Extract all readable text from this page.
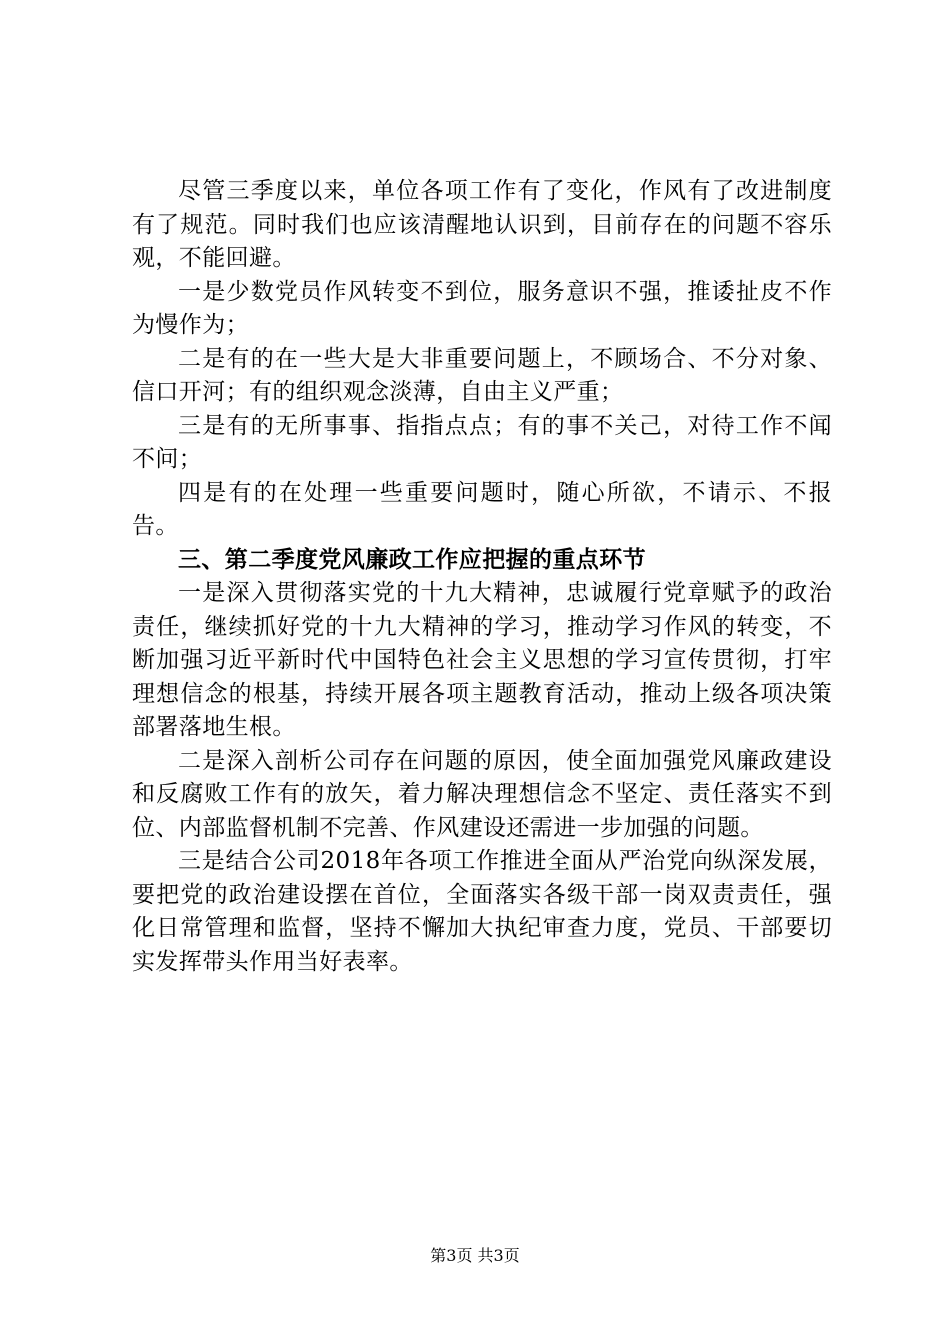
尽管三季度以来，单位各项工作有了变化，作风有了改进制度有了规范。同时我们也应该清醒地认识到，目前存在的问题不容乐观，不能回避。

一是少数党员作风转变不到位，服务意识不强，推诿扯皮不作为慢作为；

二是有的在一些大是大非重要问题上，不顾场合、不分对象、信口开河；有的组织观念淡薄，自由主义严重；

三是有的无所事事、指指点点；有的事不关己，对待工作不闻不问；

四是有的在处理一些重要问题时，随心所欲，不请示、不报告。

三、第二季度党风廉政工作应把握的重点环节

一是深入贯彻落实党的十九大精神，忠诚履行党章赋予的政治责任，继续抓好党的十九大精神的学习，推动学习作风的转变，不断加强习近平新时代中国特色社会主义思想的学习宣传贯彻，打牢理想信念的根基，持续开展各项主题教育活动，推动上级各项决策部署落地生根。

二是深入剖析公司存在问题的原因，使全面加强党风廉政建设和反腐败工作有的放矢，着力解决理想信念不坚定、责任落实不到位、内部监督机制不完善、作风建设还需进一步加强的问题。

三是结合公司2018年各项工作推进全面从严治党向纵深发展，要把党的政治建设摆在首位，全面落实各级干部一岗双责责任，强化日常管理和监督，坚持不懈加大执纪审查力度，党员、干部要切实发挥带头作用当好表率。

第3页 共3页
